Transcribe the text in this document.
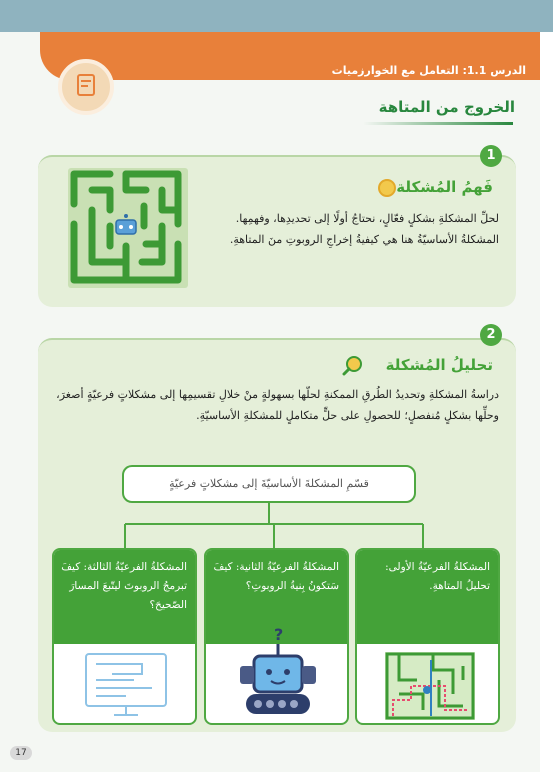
الدرس 1.1: التعامل مع الخوارزميات
الخروج من المتاهة
1
فَهمُ المُشكلة
لحلِّ المشكلةِ بشكلٍ فعّالٍ، نحتاجُ أولًا إلى تحديدِها، وفهمِها.
المشكلةُ الأساسيّةُ هنا هي كيفيةُ إخراجِ الروبوتِ منَ المتاهةِ.
2
تحليلُ المُشكلة
دراسةُ المشكلةِ وتحديدُ الطُرقِ الممكنةِ لحلّها بسهولةٍ منْ خلالِ تقسيمِها إلى مشكلاتٍ فرعيّةٍ أصغرَ،
وحلِّها بشكلٍ مُنفصلٍ؛ للحصولِ على حلٍّ متكاملٍ للمشكلةِ الأساسيّةِ.
قسّمِ المشكلةَ الأساسيّةَ إلى مشكلاتٍ فرعيّةٍ
المشكلةُ الفرعيّةُ الأولى: تحليلُ المتاهةِ.
المشكلةُ الفرعيّةُ الثانية: كيفَ سَتكونُ بِنيةُ الروبوتِ؟
?
المشكلةُ الفرعيّةُ الثالثة: كيفَ تبرمجُ الروبوتَ ليتّبعَ المسارَ الصّحيحَ؟
17
